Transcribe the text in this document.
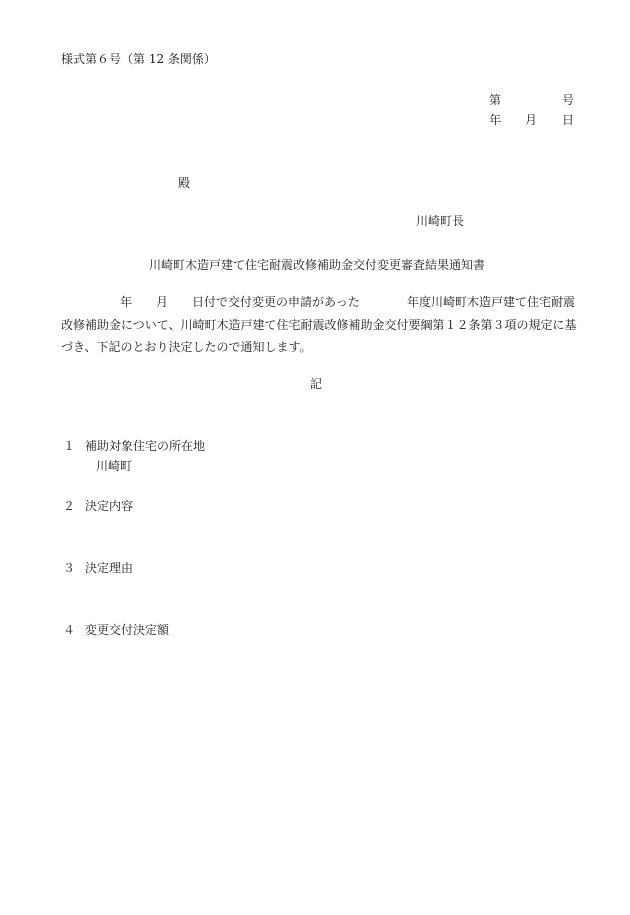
様式第６号（第 12 条関係）
第	号
年 月 日
殿
川崎町長
川崎町木造戸建て住宅耐震改修補助金交付変更審査結果通知書
年 月 日付で交付変更の申請があった	年度川崎町木造戸建て住宅耐震
改修補助金について、川崎町木造戸建て住宅耐震改修補助金交付要綱第１２条第３項の規定に基
づき、下記のとおり決定したので通知します。
記
１ 補助対象住宅の所在地
川崎町
２ 決定内容
３ 決定理由
４ 変更交付決定額
